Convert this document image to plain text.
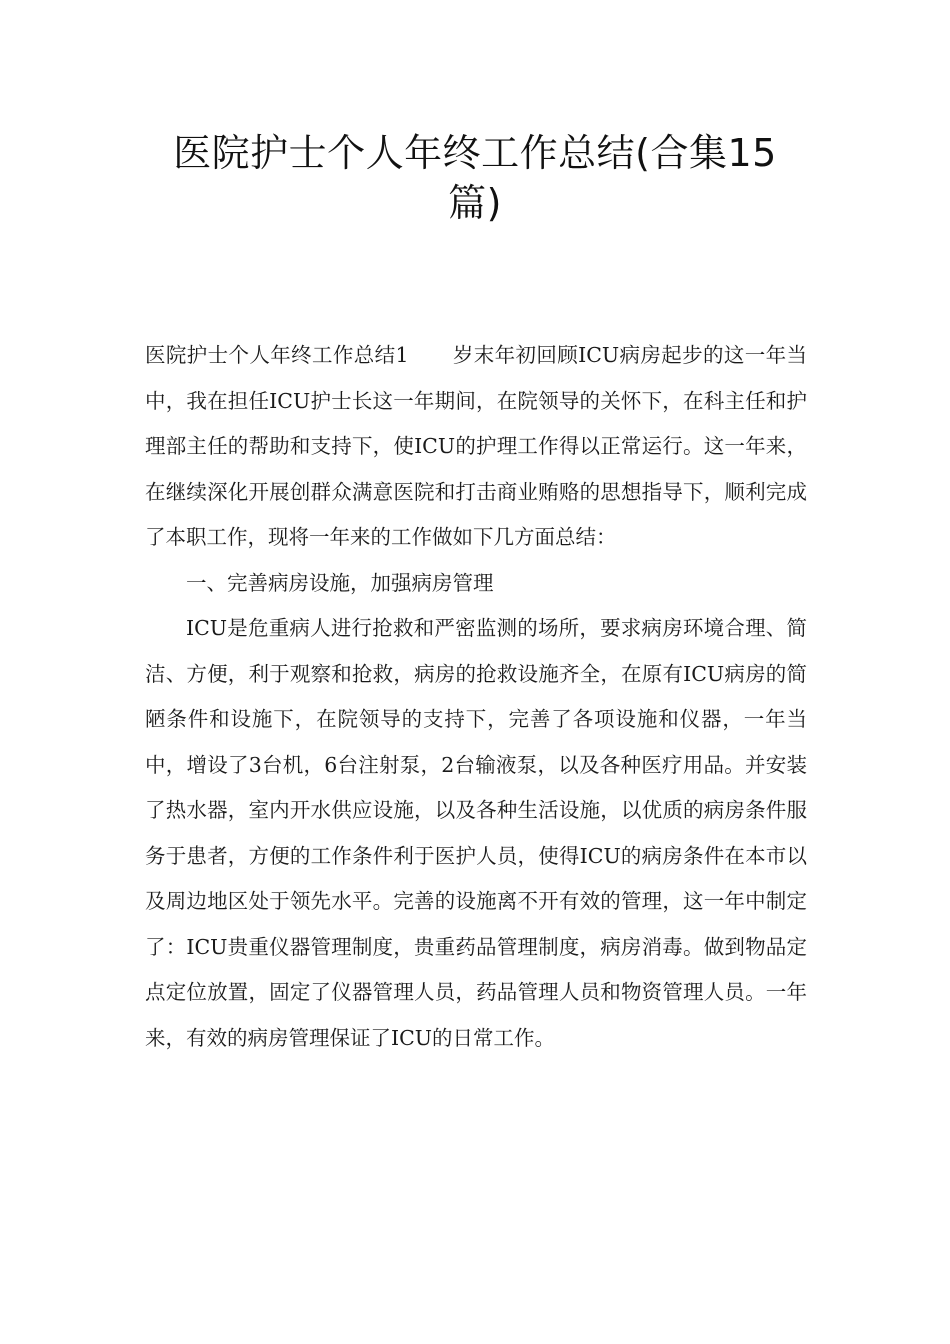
医院护士个人年终工作总结(合集15篇)

医院护士个人年终工作总结1 岁末年初回顾ICU病房起步的这一年当中，我在担任ICU护士长这一年期间，在院领导的关怀下，在科主任和护理部主任的帮助和支持下，使ICU的护理工作得以正常运行。这一年来，在继续深化开展创群众满意医院和打击商业贿赂的思想指导下，顺利完成了本职工作，现将一年来的工作做如下几方面总结：

一、完善病房设施，加强病房管理

ICU是危重病人进行抢救和严密监测的场所，要求病房环境合理、简洁、方便，利于观察和抢救，病房的抢救设施齐全，在原有ICU病房的简陋条件和设施下，在院领导的支持下，完善了各项设施和仪器，一年当中，增设了3台机，6台注射泵，2台输液泵，以及各种医疗用品。并安装了热水器，室内开水供应设施，以及各种生活设施，以优质的病房条件服务于患者，方便的工作条件利于医护人员，使得ICU的病房条件在本市以及周边地区处于领先水平。完善的设施离不开有效的管理，这一年中制定了：ICU贵重仪器管理制度，贵重药品管理制度，病房消毒。做到物品定点定位放置，固定了仪器管理人员，药品管理人员和物资管理人员。一年来，有效的病房管理保证了ICU的日常工作。
